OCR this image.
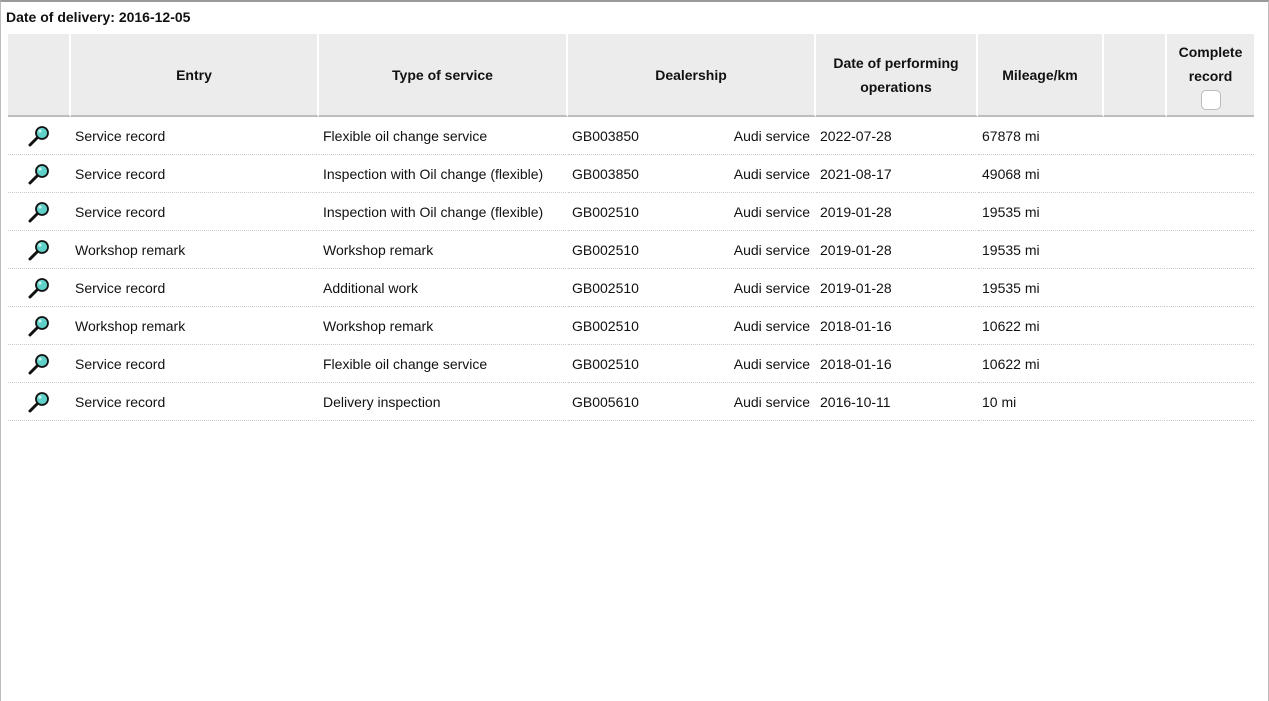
Date of delivery: 2016-12-05
	Entry	Type of service	Dealership	Date of performing operations	Mileage/km		Complete record

	Service record	Flexible oil change service	GB003850 Audi service	2022-07-28	67878 mi		
	Service record	Inspection with Oil change (flexible)	GB003850 Audi service	2021-08-17	49068 mi		
	Service record	Inspection with Oil change (flexible)	GB002510 Audi service	2019-01-28	19535 mi		
	Workshop remark	Workshop remark	GB002510 Audi service	2019-01-28	19535 mi		
	Service record	Additional work	GB002510 Audi service	2019-01-28	19535 mi		
	Workshop remark	Workshop remark	GB002510 Audi service	2018-01-16	10622 mi		
	Service record	Flexible oil change service	GB002510 Audi service	2018-01-16	10622 mi		
	Service record	Delivery inspection	GB005610 Audi service	2016-10-11	10 mi		
